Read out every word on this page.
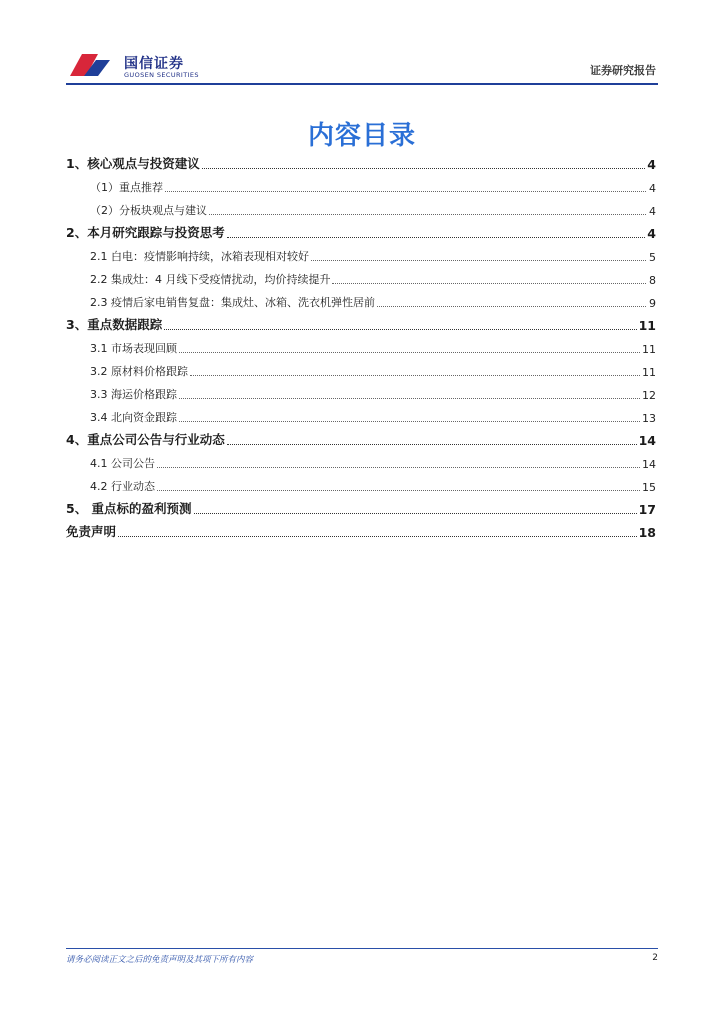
国信证券
GUOSEN SECURITIES	证券研究报告
内容目录
1、核心观点与投资建议	4
（1）重点推荐	4
（2）分板块观点与建议	4
2、本月研究跟踪与投资思考	4
2.1 白电：疫情影响持续，冰箱表现相对较好	5
2.2 集成灶：4 月线下受疫情扰动，均价持续提升	8
2.3 疫情后家电销售复盘：集成灶、冰箱、洗衣机弹性居前	9
3、重点数据跟踪	11
3.1 市场表现回顾	11
3.2 原材料价格跟踪	11
3.3 海运价格跟踪	12
3.4 北向资金跟踪	13
4、重点公司公告与行业动态	14
4.1 公司公告	14
4.2 行业动态	15
5、 重点标的盈利预测	17
免责声明	18
请务必阅读正文之后的免责声明及其项下所有内容	2
